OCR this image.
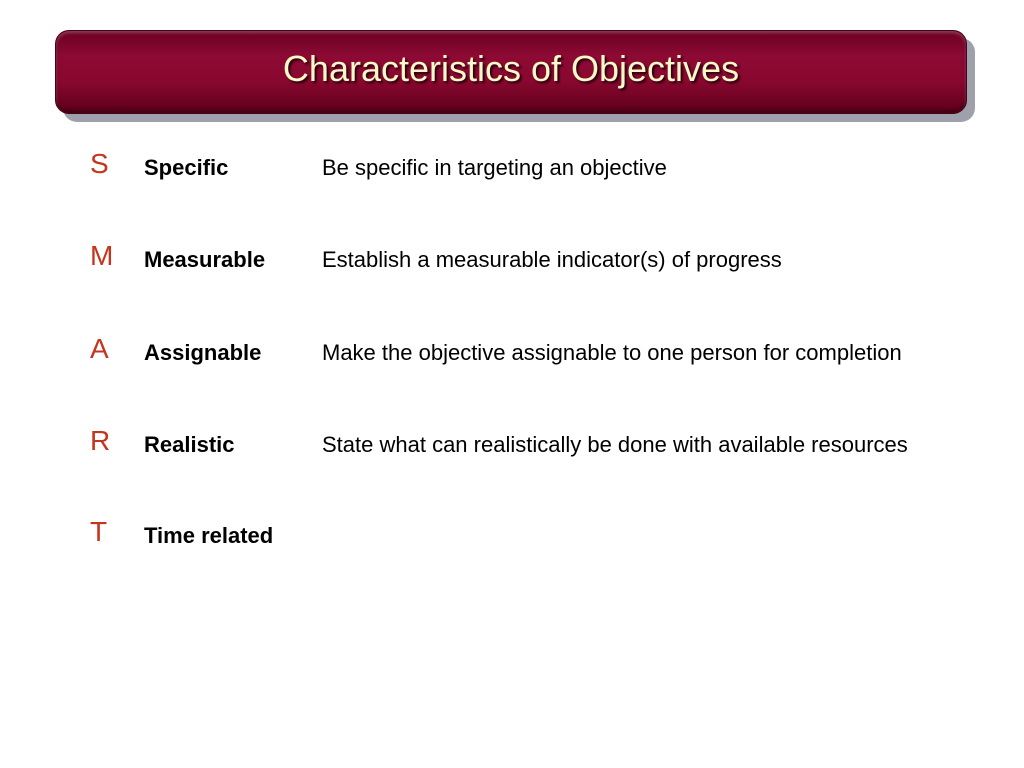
Characteristics of Objectives
S	Specific	Be specific in targeting an objective
M	Measurable	Establish a measurable indicator(s) of progress
A	Assignable	Make the objective assignable to one person for completion
R	Realistic	State what can realistically be done with available resources
T	Time related
